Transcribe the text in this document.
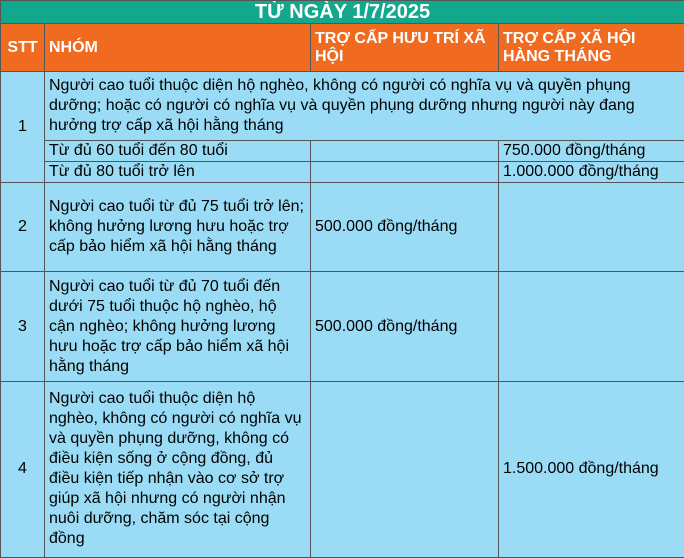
TỪ NGÀY 1/7/2025			
STT	NHÓM	TRỢ CẤP HƯU TRÍ XÃ HỘI	TRỢ CẤP XÃ HỘI HÀNG THÁNG
1	Người cao tuổi thuộc diện hộ nghèo, không có người có nghĩa vụ và quyền phụng dưỡng; hoặc có người có nghĩa vụ và quyền phụng dưỡng nhưng người này đang hưởng trợ cấp xã hội hằng tháng		
	Từ đủ 60 tuổi đến 80 tuổi		750.000 đồng/tháng
	Từ đủ 80 tuổi trở lên		1.000.000 đồng/tháng
2	Người cao tuổi từ đủ 75 tuổi trở lên; không hưởng lương hưu hoặc trợ cấp bảo hiểm xã hội hằng tháng	500.000 đồng/tháng	
3	Người cao tuổi từ đủ 70 tuổi đến dưới 75 tuổi thuộc hộ nghèo, hộ cận nghèo; không hưởng lương hưu hoặc trợ cấp bảo hiểm xã hội hằng tháng	500.000 đồng/tháng	
4	Người cao tuổi thuộc diện hộ nghèo, không có người có nghĩa vụ và quyền phụng dưỡng, không có điều kiện sống ở cộng đồng, đủ điều kiện tiếp nhận vào cơ sở trợ giúp xã hội nhưng có người nhận nuôi dưỡng, chăm sóc tại cộng đồng		1.500.000 đồng/tháng
